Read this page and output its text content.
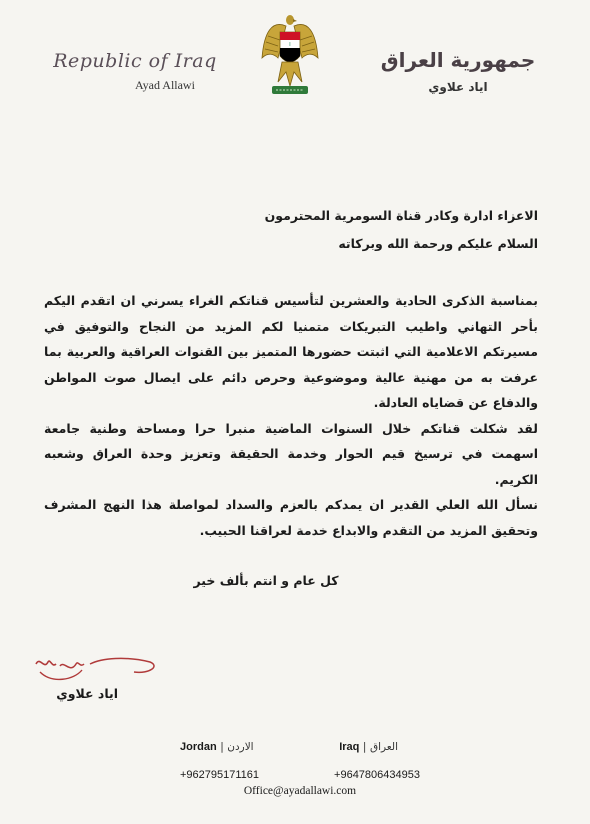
Republic of Iraq
Ayad Allawi
ا
جمهورية العراق
اياد علاوي
الاعزاء ادارة وكادر قناة السومرية المحترمون
السلام عليكم ورحمة الله وبركاته
بمناسبة الذكرى الحادية والعشرين لتأسيس قناتكم الغراء يسرني ان اتقدم اليكم بأحر التهاني واطيب التبريكات متمنيا لكم المزيد من النجاح والتوفيق في مسيرتكم الاعلامية التي اثبتت حضورها المتميز بين القنوات العراقية والعربية بما عرفت به من مهنية عالية وموضوعية وحرص دائم على ايصال صوت المواطن والدفاع عن قضاياه العادلة.
لقد شكلت قناتكم خلال السنوات الماضية منبرا حرا ومساحة وطنية جامعة اسهمت في ترسيخ قيم الحوار وخدمة الحقيقة وتعزيز وحدة العراق وشعبه الكريم.
نسأل الله العلي القدير ان يمدكم بالعزم والسداد لمواصلة هذا النهج المشرف وتحقيق المزيد من التقدم والابداع خدمة لعراقنا الحبيب.
كل عام و انتم بألف خير
اياد علاوي
Jordan | الاردن	Iraq | العراق
+962795171161	+9647806434953
Office@ayadallawi.com
